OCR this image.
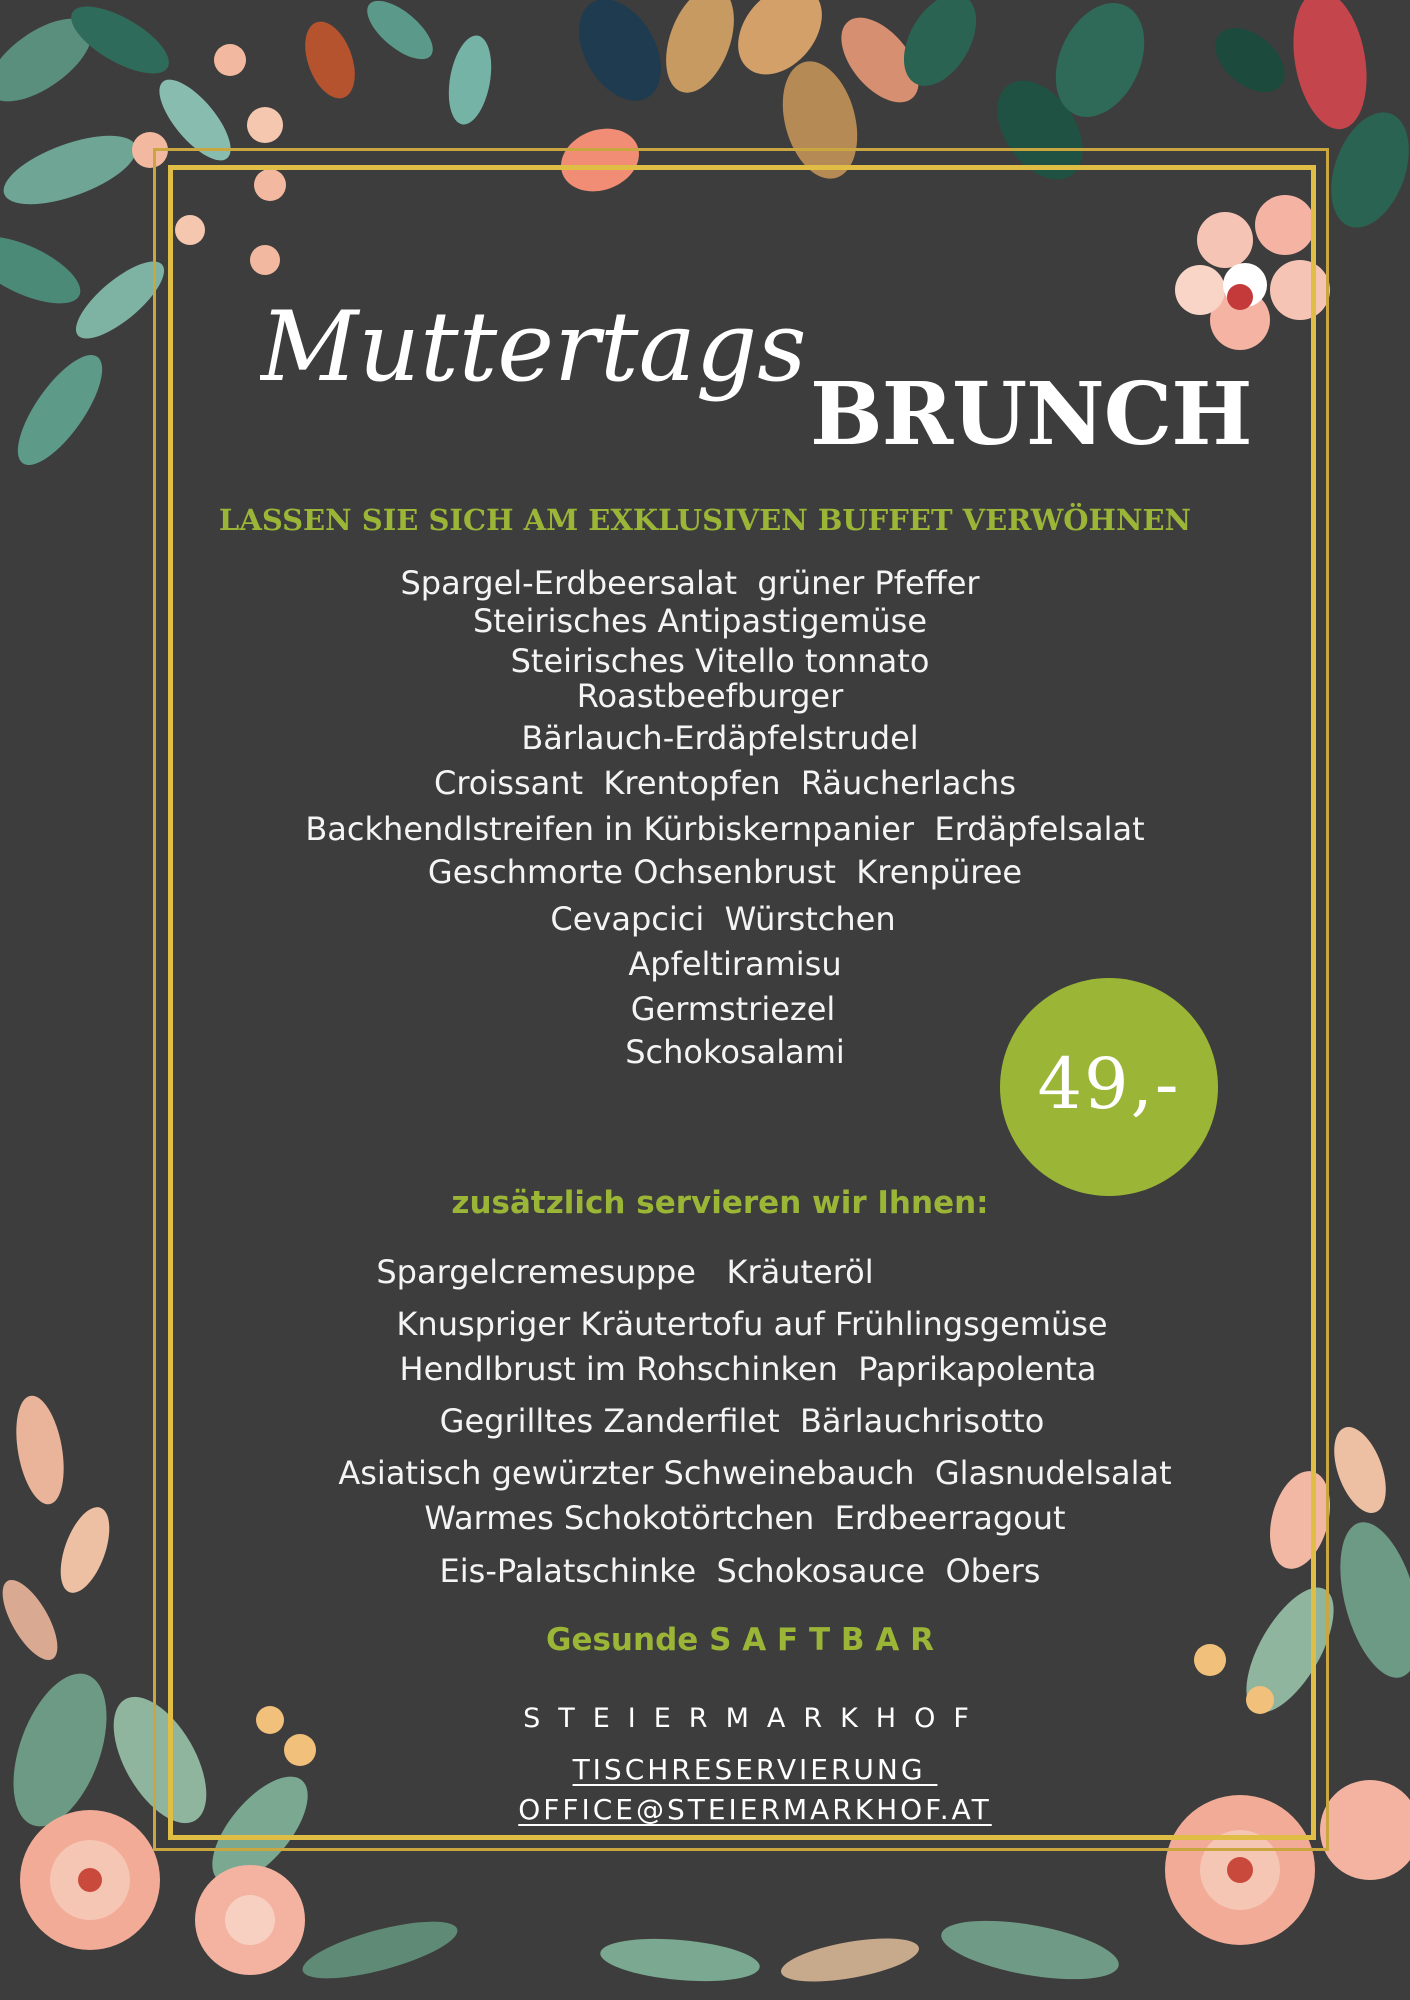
Muttertags
BRUNCH
LASSEN SIE SICH AM EXKLUSIVEN BUFFET VERWÖHNEN
Spargel-Erdbeersalat  grüner Pfeffer
Steirisches Antipastigemüse
Steirisches Vitello tonnato
Roastbeefburger
Bärlauch-Erdäpfelstrudel
Croissant  Krentopfen  Räucherlachs
Backhendlstreifen in Kürbiskernpanier  Erdäpfelsalat
Geschmorte Ochsenbrust  Krenpüree
Cevapcici  Würstchen
Apfeltiramisu
Germstriezel
Schokosalami	49,-
zusätzlich servieren wir Ihnen:
Spargelcremesuppe   Kräuteröl
Knuspriger Kräutertofu auf Frühlingsgemüse
Hendlbrust im Rohschinken  Paprikapolenta
Gegrilltes Zanderfilet  Bärlauchrisotto
Asiatisch gewürzter Schweinebauch  Glasnudelsalat
Warmes Schokotörtchen  Erdbeerragout
Eis-Palatschinke  Schokosauce  Obers
Gesunde S A F T B A R
STEIERMARKHOF
TISCHRESERVIERUNG
OFFICE@STEIERMARKHOF.AT
